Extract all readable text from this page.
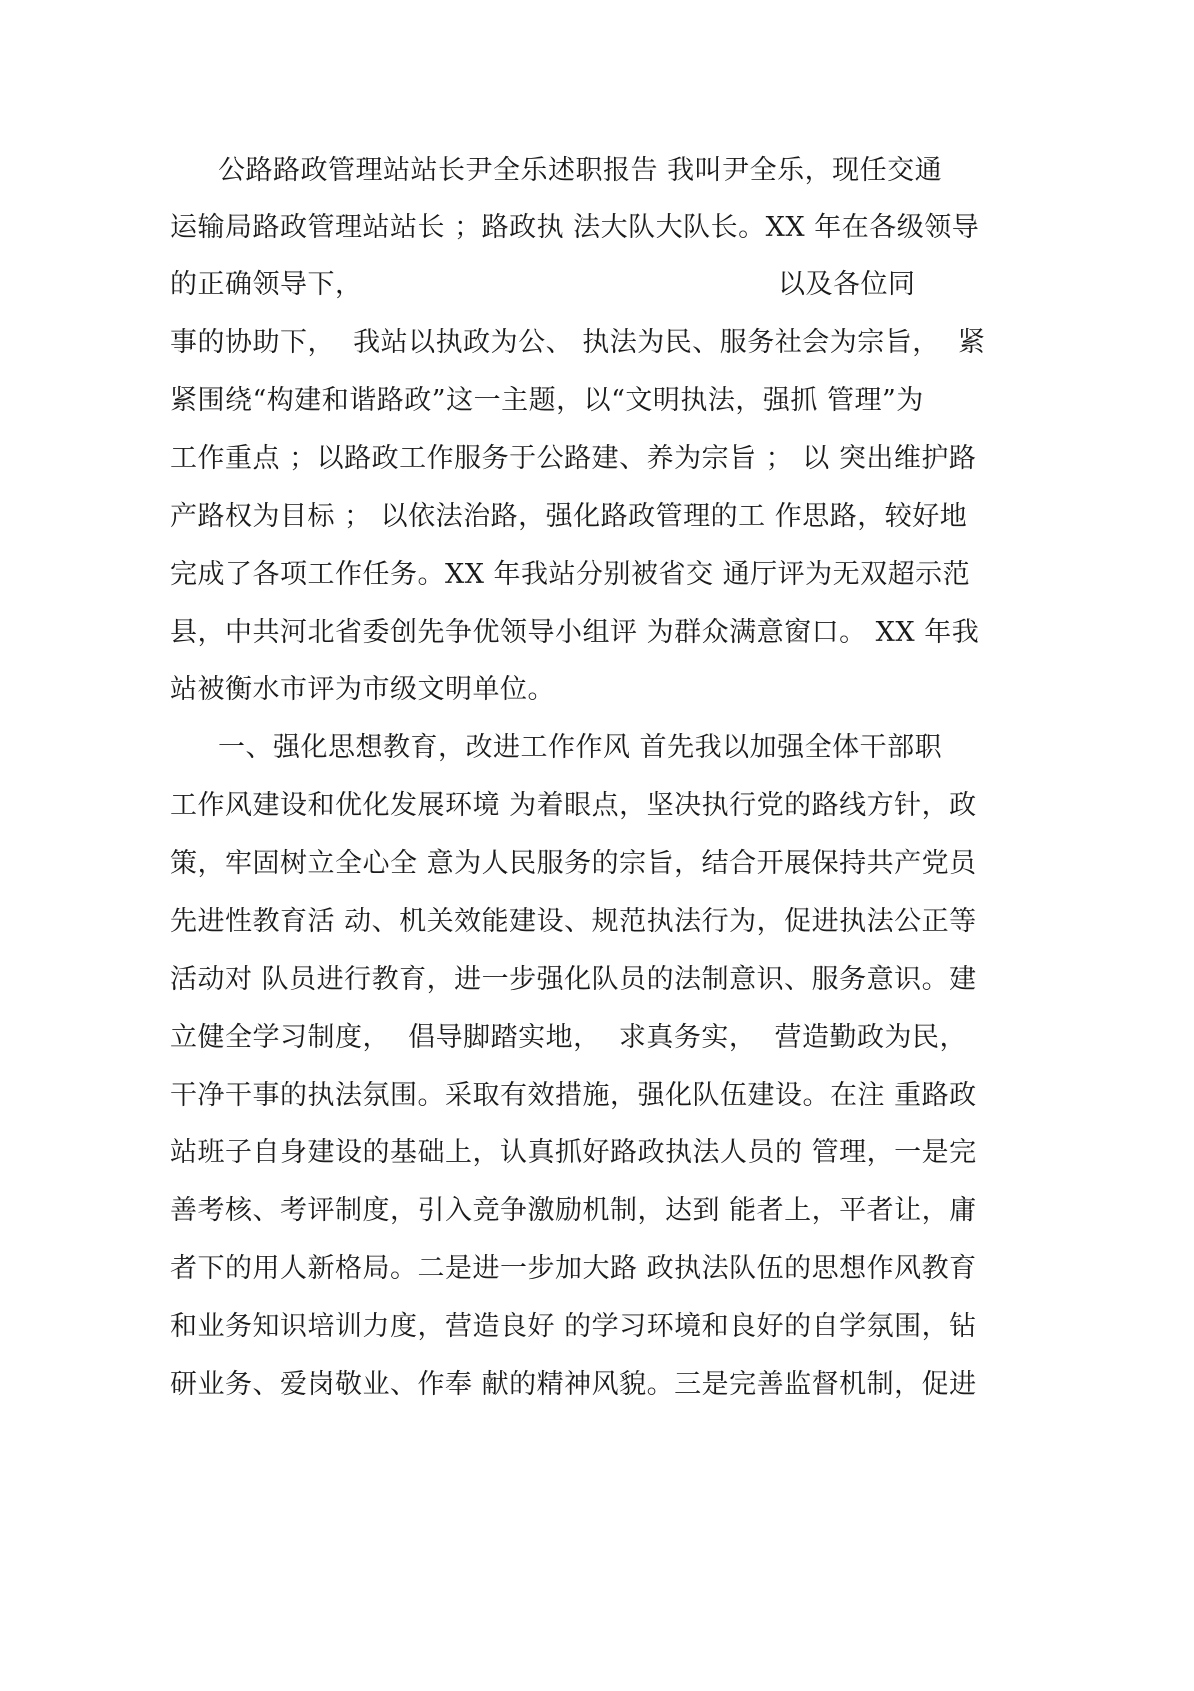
公路路政管理站站长尹全乐述职报告 我叫尹全乐，现任交通
运输局路政管理站站长 ；路政执 法大队大队长。XX 年在各级领导
的正确领导下，	以及各位同
事的协助下，  我站以执政为公、 执法为民、服务社会为宗旨，  紧
紧围绕“构建和谐路政”这一主题，以“文明执法，强抓 管理”为
工作重点 ；以路政工作服务于公路建、养为宗旨 ； 以 突出维护路
产路权为目标 ； 以依法治路，强化路政管理的工 作思路，较好地
完成了各项工作任务。XX 年我站分别被省交 通厅评为无双超示范
县，中共河北省委创先争优领导小组评 为群众满意窗口。 XX 年我
站被衡水市评为市级文明单位。
一、强化思想教育，改进工作作风 首先我以加强全体干部职
工作风建设和优化发展环境 为着眼点，坚决执行党的路线方针，政
策，牢固树立全心全 意为人民服务的宗旨，结合开展保持共产党员
先进性教育活 动、机关效能建设、规范执法行为，促进执法公正等
活动对 队员进行教育，进一步强化队员的法制意识、服务意识。建
立健全学习制度，  倡导脚踏实地，  求真务实，  营造勤政为民，
干净干事的执法氛围。采取有效措施，强化队伍建设。在注 重路政
站班子自身建设的基础上，认真抓好路政执法人员的 管理，一是完
善考核、考评制度，引入竞争激励机制，达到 能者上，平者让，庸
者下的用人新格局。二是进一步加大路 政执法队伍的思想作风教育
和业务知识培训力度，营造良好 的学习环境和良好的自学氛围，钻
研业务、爱岗敬业、作奉 献的精神风貌。三是完善监督机制，促进
